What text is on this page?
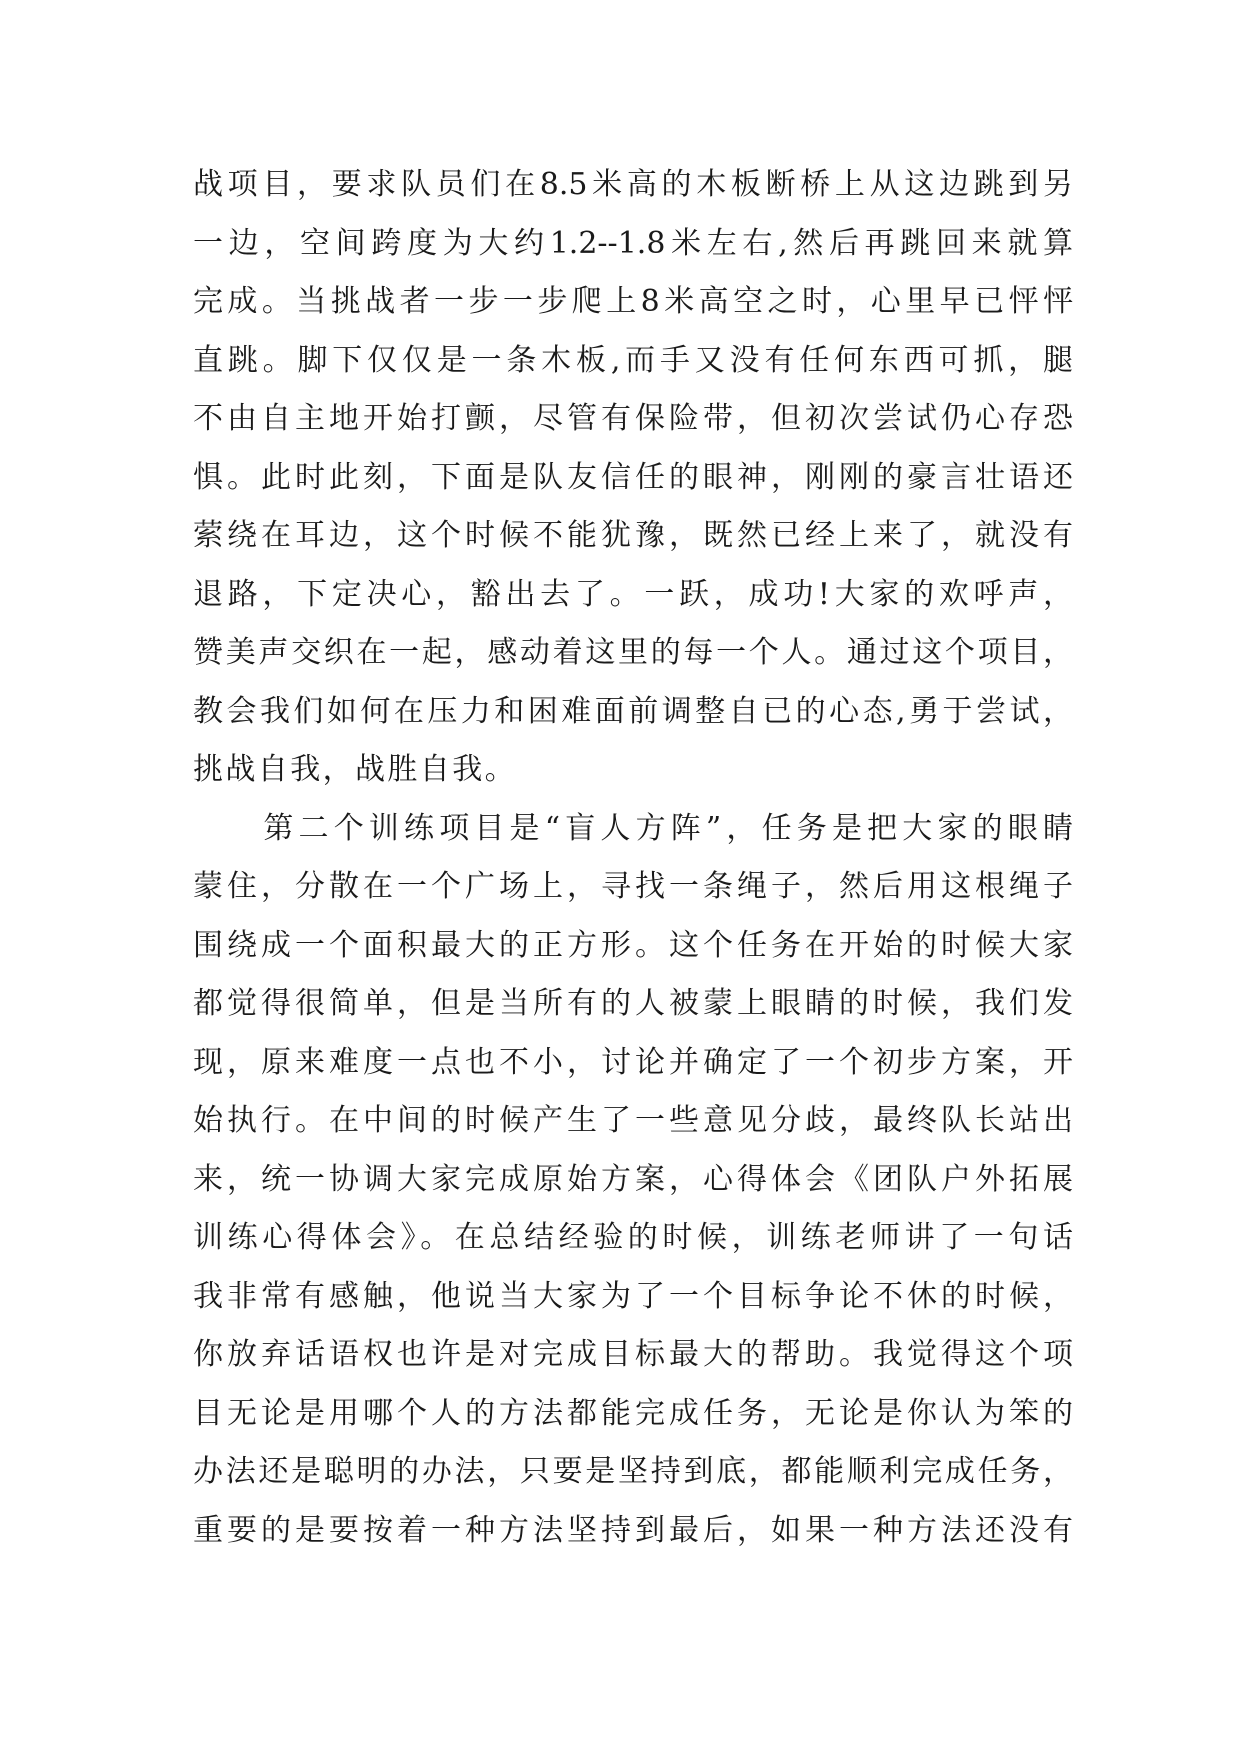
战项目，要求队员们在8.5米高的木板断桥上从这边跳到另
一边，空间跨度为大约1.2--1.8米左右,然后再跳回来就算
完成。当挑战者一步一步爬上8米高空之时，心里早已怦怦
直跳。脚下仅仅是一条木板,而手又没有任何东西可抓，腿
不由自主地开始打颤，尽管有保险带，但初次尝试仍心存恐
惧。此时此刻，下面是队友信任的眼神，刚刚的豪言壮语还
萦绕在耳边，这个时候不能犹豫，既然已经上来了，就没有
退路，下定决心，豁出去了。一跃，成功!大家的欢呼声，
赞美声交织在一起，感动着这里的每一个人。通过这个项目，
教会我们如何在压力和困难面前调整自已的心态,勇于尝试，
挑战自我，战胜自我。
　　第二个训练项目是“盲人方阵”，任务是把大家的眼睛
蒙住，分散在一个广场上，寻找一条绳子，然后用这根绳子
围绕成一个面积最大的正方形。这个任务在开始的时候大家
都觉得很简单，但是当所有的人被蒙上眼睛的时候，我们发
现，原来难度一点也不小，讨论并确定了一个初步方案，开
始执行。在中间的时候产生了一些意见分歧，最终队长站出
来，统一协调大家完成原始方案，心得体会《团队户外拓展
训练心得体会》。在总结经验的时候，训练老师讲了一句话
我非常有感触，他说当大家为了一个目标争论不休的时候，
你放弃话语权也许是对完成目标最大的帮助。我觉得这个项
目无论是用哪个人的方法都能完成任务，无论是你认为笨的
办法还是聪明的办法，只要是坚持到底，都能顺利完成任务，
重要的是要按着一种方法坚持到最后，如果一种方法还没有
